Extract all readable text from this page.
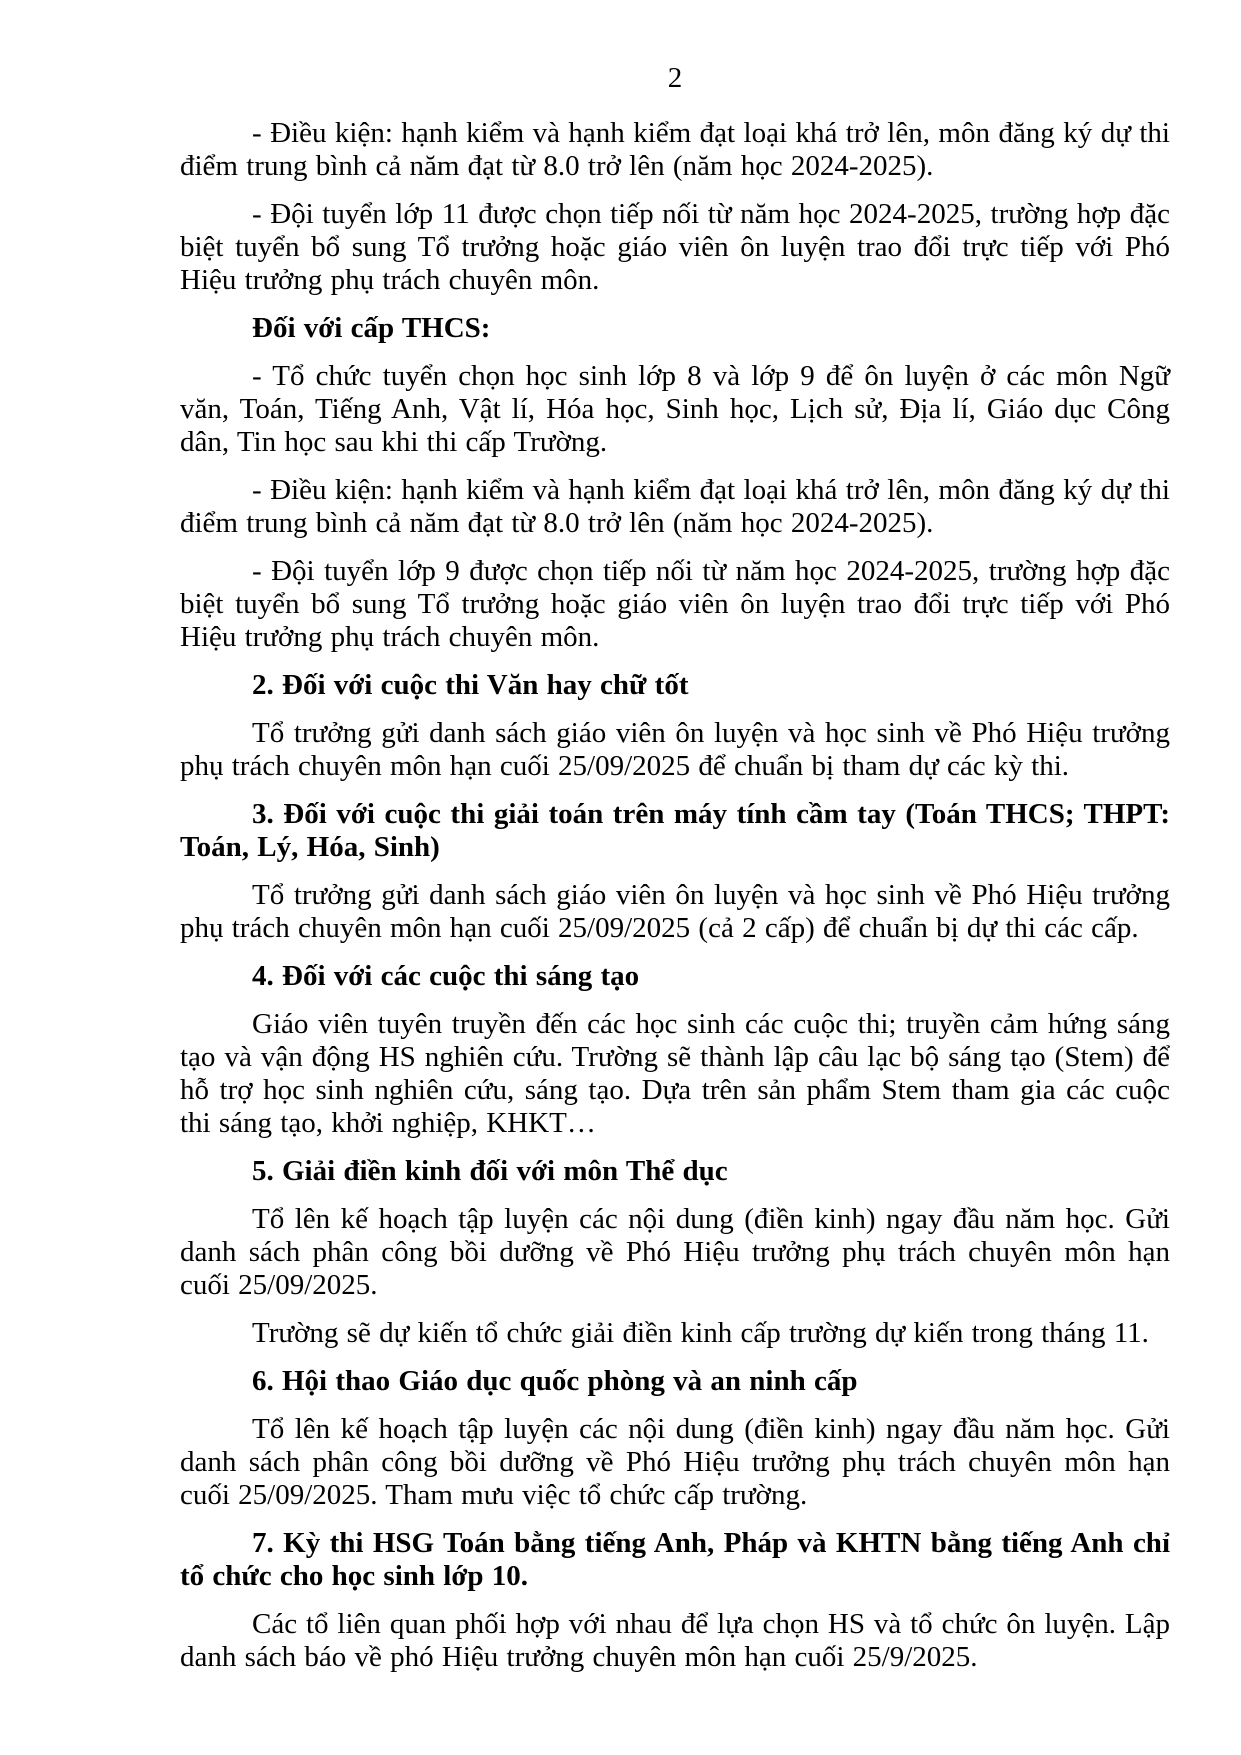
2

- Điều kiện: hạnh kiểm và hạnh kiểm đạt loại khá trở lên, môn đăng ký dự thi điểm trung bình cả năm đạt từ 8.0 trở lên (năm học 2024-2025).

- Đội tuyển lớp 11 được chọn tiếp nối từ năm học 2024-2025, trường hợp đặc biệt tuyển bổ sung Tổ trưởng hoặc giáo viên ôn luyện trao đổi trực tiếp với Phó Hiệu trưởng phụ trách chuyên môn.

Đối với cấp THCS:

- Tổ chức tuyển chọn học sinh lớp 8 và lớp 9 để ôn luyện ở các môn Ngữ văn, Toán, Tiếng Anh, Vật lí, Hóa học, Sinh học, Lịch sử, Địa lí, Giáo dục Công dân, Tin học sau khi thi cấp Trường.

- Điều kiện: hạnh kiểm và hạnh kiểm đạt loại khá trở lên, môn đăng ký dự thi điểm trung bình cả năm đạt từ 8.0 trở lên (năm học 2024-2025).

- Đội tuyển lớp 9 được chọn tiếp nối từ năm học 2024-2025, trường hợp đặc biệt tuyển bổ sung Tổ trưởng hoặc giáo viên ôn luyện trao đổi trực tiếp với Phó Hiệu trưởng phụ trách chuyên môn.

2. Đối với cuộc thi Văn hay chữ tốt

Tổ trưởng gửi danh sách giáo viên ôn luyện và học sinh về Phó Hiệu trưởng phụ trách chuyên môn hạn cuối 25/09/2025 để chuẩn bị tham dự các kỳ thi.

3. Đối với cuộc thi giải toán trên máy tính cầm tay (Toán THCS; THPT: Toán, Lý, Hóa, Sinh)

Tổ trưởng gửi danh sách giáo viên ôn luyện và học sinh về Phó Hiệu trưởng phụ trách chuyên môn hạn cuối 25/09/2025 (cả 2 cấp) để chuẩn bị dự thi các cấp.

4. Đối với các cuộc thi sáng tạo

Giáo viên tuyên truyền đến các học sinh các cuộc thi; truyền cảm hứng sáng tạo và vận động HS nghiên cứu. Trường sẽ thành lập câu lạc bộ sáng tạo (Stem) để hỗ trợ học sinh nghiên cứu, sáng tạo. Dựa trên sản phẩm Stem tham gia các cuộc thi sáng tạo, khởi nghiệp, KHKT…

5. Giải điền kinh đối với môn Thể dục

Tổ lên kế hoạch tập luyện các nội dung (điền kinh) ngay đầu năm học. Gửi danh sách phân công bồi dưỡng về Phó Hiệu trưởng phụ trách chuyên môn hạn cuối 25/09/2025.

Trường sẽ dự kiến tổ chức giải điền kinh cấp trường dự kiến trong tháng 11.

6. Hội thao Giáo dục quốc phòng và an ninh cấp

Tổ lên kế hoạch tập luyện các nội dung (điền kinh) ngay đầu năm học. Gửi danh sách phân công bồi dưỡng về Phó Hiệu trưởng phụ trách chuyên môn hạn cuối 25/09/2025. Tham mưu việc tổ chức cấp trường.

7. Kỳ thi HSG Toán bằng tiếng Anh, Pháp và KHTN bằng tiếng Anh chỉ tổ chức cho học sinh lớp 10.

Các tổ liên quan phối hợp với nhau để lựa chọn HS và tổ chức ôn luyện. Lập danh sách báo về phó Hiệu trưởng chuyên môn hạn cuối 25/9/2025.
